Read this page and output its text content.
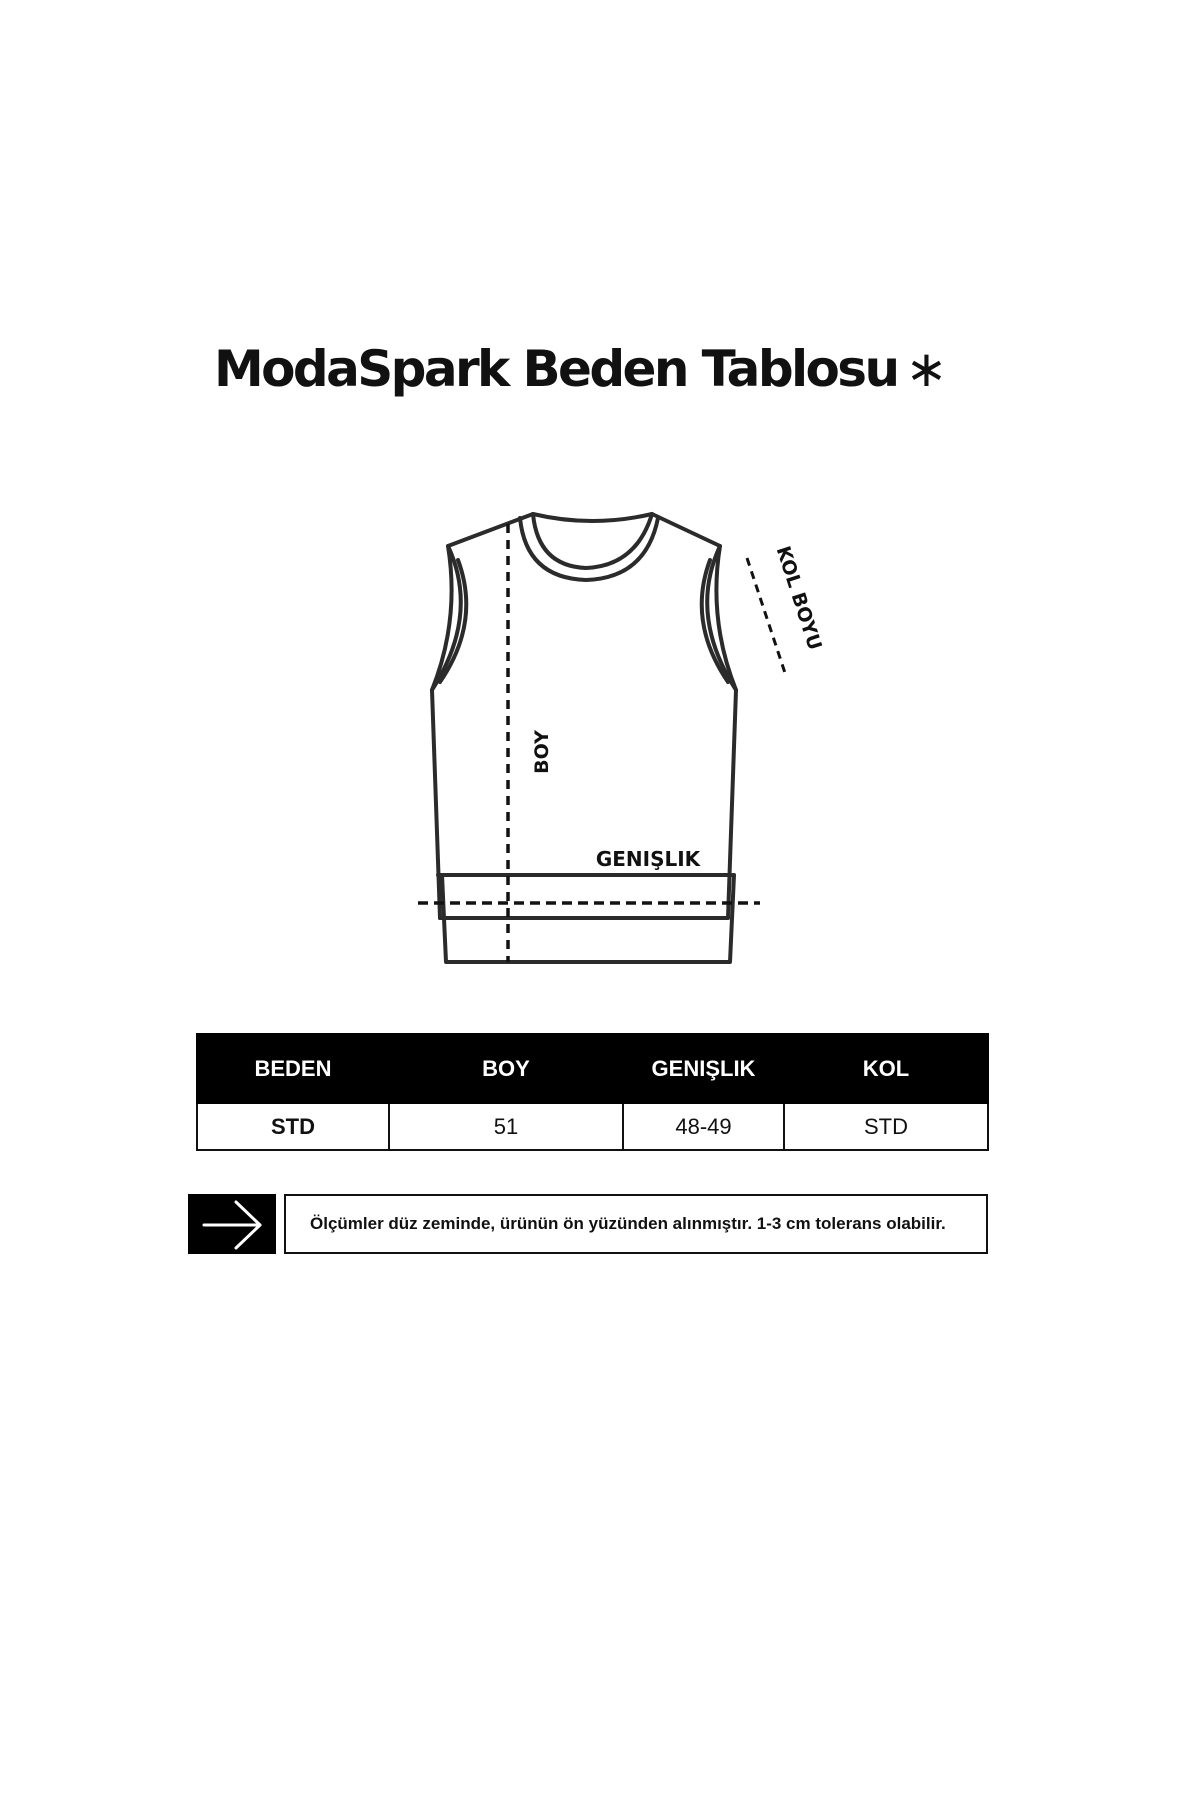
ModaSpark Beden Tablosu ∗
BOY
GENIŞLIK
KOL BOYU
BEDEN	BOY	GENIŞLIK	KOL
STD	51	48-49	STD
Ölçümler düz zeminde, ürünün ön yüzünden alınmıştır. 1-3 cm tolerans olabilir.
